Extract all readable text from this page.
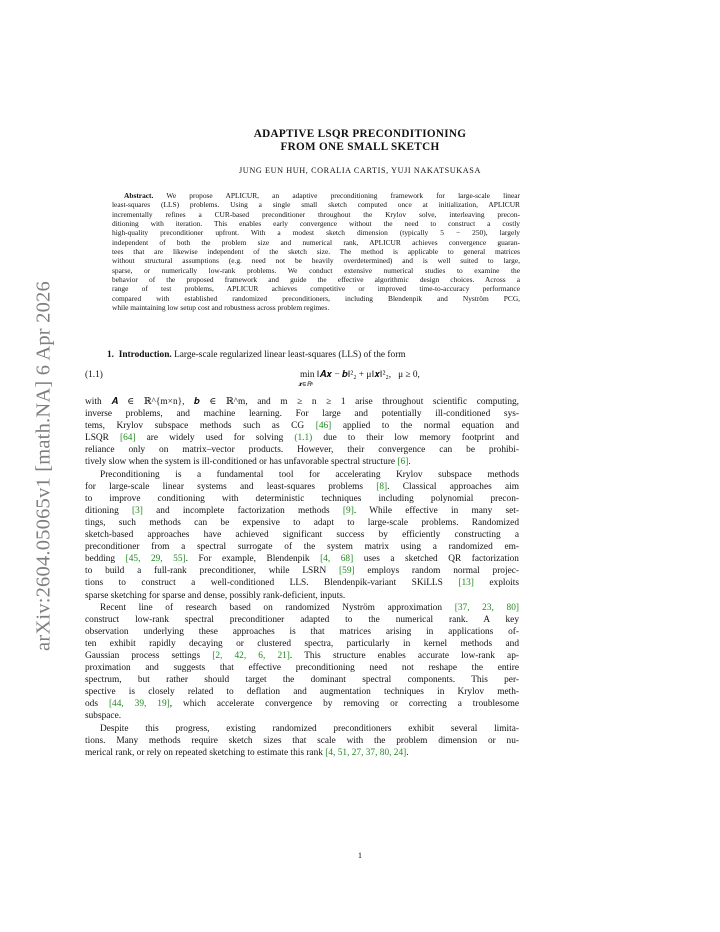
arXiv:2604.05065v1 [math.NA] 6 Apr 2026
ADAPTIVE LSQR PRECONDITIONING
FROM ONE SMALL SKETCH
JUNG EUN HUH, CORALIA CARTIS, YUJI NAKATSUKASA
Abstract. We propose APLICUR, an adaptive preconditioning framework for large-scale linear
least-squares (LLS) problems. Using a single small sketch computed once at initialization, APLICUR
incrementally refines a CUR-based preconditioner throughout the Krylov solve, interleaving precon-
ditioning with iteration. This enables early convergence without the need to construct a costly
high-quality preconditioner upfront. With a modest sketch dimension (typically 5 − 250), largely
independent of both the problem size and numerical rank, APLICUR achieves convergence guaran-
tees that are likewise independent of the sketch size. The method is applicable to general matrices
without structural assumptions (e.g. need not be heavily overdetermined) and is well suited to large,
sparse, or numerically low-rank problems. We conduct extensive numerical studies to examine the
behavior of the proposed framework and guide the effective algorithmic design choices. Across a
range of test problems, APLICUR achieves competitive or improved time-to-accuracy performance
compared with established randomized preconditioners, including Blendenpik and Nyström PCG,
while maintaining low setup cost and robustness across problem regimes.
1. Introduction. Large-scale regularized linear least-squares (LLS) of the form
(1.1)	min ‖𝑨𝒙 − 𝒃‖²₂ + μ‖𝒙‖²₂, μ ≥ 0,
𝒙∈ℝⁿ
with 𝑨 ∈ ℝ^{m×n}, 𝒃 ∈ ℝ^m, and m ≥ n ≥ 1 arise throughout scientific computing,
inverse problems, and machine learning. For large and potentially ill-conditioned sys-
tems, Krylov subspace methods such as CG [46] applied to the normal equation and
LSQR [64] are widely used for solving (1.1) due to their low memory footprint and
reliance only on matrix–vector products. However, their convergence can be prohibi-
tively slow when the system is ill-conditioned or has unfavorable spectral structure [6].
Preconditioning is a fundamental tool for accelerating Krylov subspace methods
for large-scale linear systems and least-squares problems [8]. Classical approaches aim
to improve conditioning with deterministic techniques including polynomial precon-
ditioning [3] and incomplete factorization methods [9]. While effective in many set-
tings, such methods can be expensive to adapt to large-scale problems. Randomized
sketch-based approaches have achieved significant success by efficiently constructing a
preconditioner from a spectral surrogate of the system matrix using a randomized em-
bedding [45, 29, 55]. For example, Blendenpik [4, 68] uses a sketched QR factorization
to build a full-rank preconditioner, while LSRN [59] employs random normal projec-
tions to construct a well-conditioned LLS. Blendenpik-variant SKiLLS [13] exploits
sparse sketching for sparse and dense, possibly rank-deficient, inputs.
Recent line of research based on randomized Nyström approximation [37, 23, 80]
construct low-rank spectral preconditioner adapted to the numerical rank. A key
observation underlying these approaches is that matrices arising in applications of-
ten exhibit rapidly decaying or clustered spectra, particularly in kernel methods and
Gaussian process settings [2, 42, 6, 21]. This structure enables accurate low-rank ap-
proximation and suggests that effective preconditioning need not reshape the entire
spectrum, but rather should target the dominant spectral components. This per-
spective is closely related to deflation and augmentation techniques in Krylov meth-
ods [44, 39, 19], which accelerate convergence by removing or correcting a troublesome
subspace.
Despite this progress, existing randomized preconditioners exhibit several limita-
tions. Many methods require sketch sizes that scale with the problem dimension or nu-
merical rank, or rely on repeated sketching to estimate this rank [4, 51, 27, 37, 80, 24].
1
